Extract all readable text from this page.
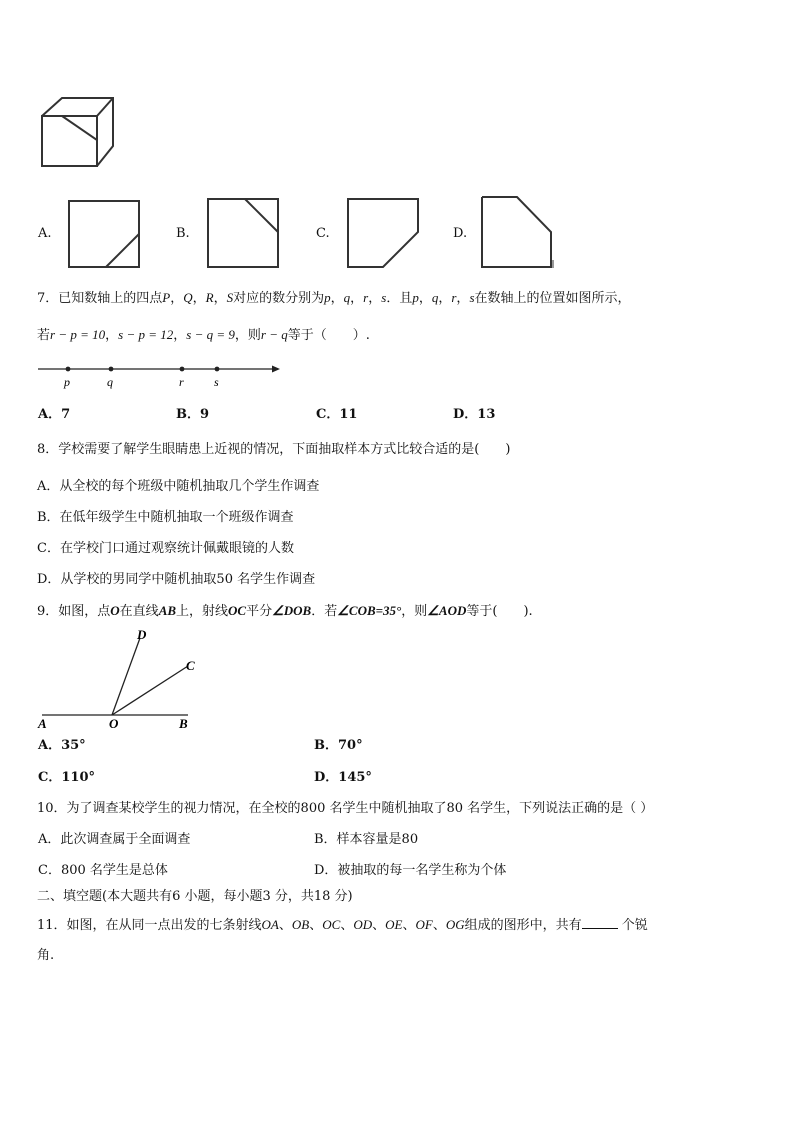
A.	B.	C.	D.
7．已知数轴上的四点P，Q，R，S对应的数分别为p，q，r，s．且p，q，r，s在数轴上的位置如图所示，
若r − p = 10，s − p = 12，s − q = 9，则r − q等于（　　）.
p	q	r	s
A．7	B．9	C．11	D．13
8．学校需要了解学生眼睛患上近视的情况，下面抽取样本方式比较合适的是(　　)
A．从全校的每个班级中随机抽取几个学生作调查
B．在低年级学生中随机抽取一个班级作调查
C．在学校门口通过观察统计佩戴眼镜的人数
D．从学校的男同学中随机抽取50 名学生作调查
9．如图，点O在直线AB上，射线OC平分∠DOB．若∠COB=35°，则∠AOD等于(　　).
A	O	B
C
D
A．35°	B．70°
C．110°	D．145°
10．为了调查某校学生的视力情况，在全校的800 名学生中随机抽取了80 名学生，下列说法正确的是（ ）
A．此次调查属于全面调查	B．样本容量是80
C．800 名学生是总体	D．被抽取的每一名学生称为个体
二、填空题(本大题共有6 小题，每小题3 分，共18 分)
11．如图，在从同一点出发的七条射线OA、OB、OC、OD、OE、OF、OG组成的图形中，共有	个锐
角.
